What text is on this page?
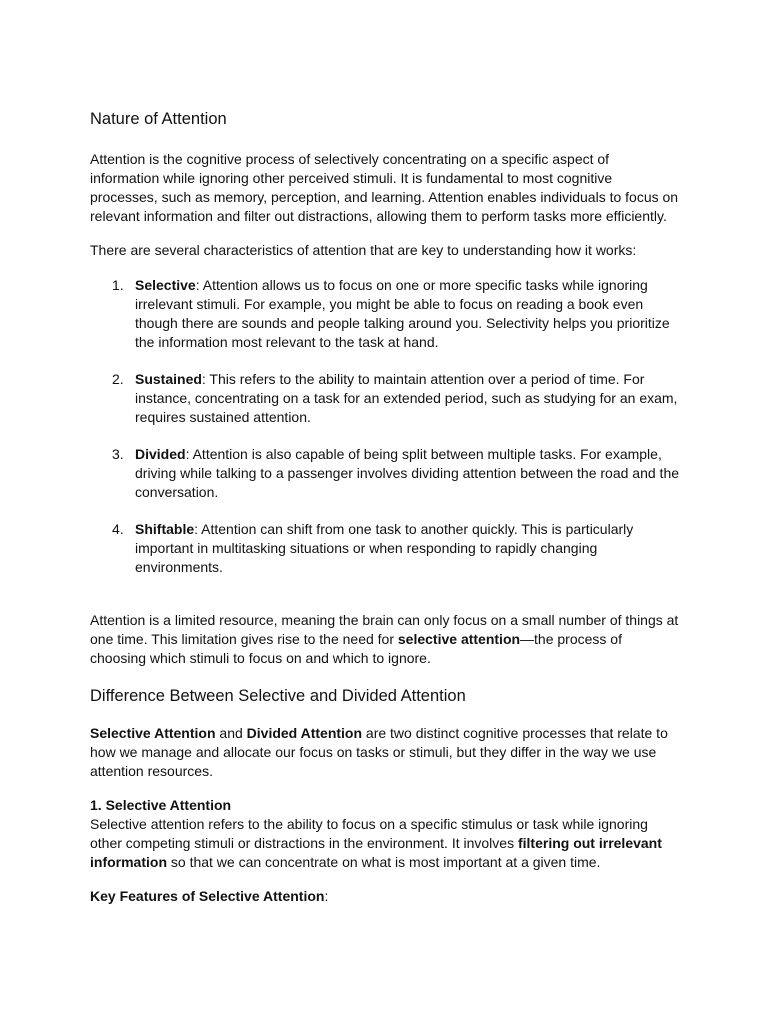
Nature of Attention

Attention is the cognitive process of selectively concentrating on a specific aspect of information while ignoring other perceived stimuli. It is fundamental to most cognitive processes, such as memory, perception, and learning. Attention enables individuals to focus on relevant information and filter out distractions, allowing them to perform tasks more efficiently.

There are several characteristics of attention that are key to understanding how it works:

1. Selective: Attention allows us to focus on one or more specific tasks while ignoring irrelevant stimuli. For example, you might be able to focus on reading a book even though there are sounds and people talking around you. Selectivity helps you prioritize the information most relevant to the task at hand.
2. Sustained: This refers to the ability to maintain attention over a period of time. For instance, concentrating on a task for an extended period, such as studying for an exam, requires sustained attention.
3. Divided: Attention is also capable of being split between multiple tasks. For example, driving while talking to a passenger involves dividing attention between the road and the conversation.
4. Shiftable: Attention can shift from one task to another quickly. This is particularly important in multitasking situations or when responding to rapidly changing environments.

Attention is a limited resource, meaning the brain can only focus on a small number of things at one time. This limitation gives rise to the need for selective attention—the process of choosing which stimuli to focus on and which to ignore.

Difference Between Selective and Divided Attention

Selective Attention and Divided Attention are two distinct cognitive processes that relate to how we manage and allocate our focus on tasks or stimuli, but they differ in the way we use attention resources.

1. Selective Attention

Selective attention refers to the ability to focus on a specific stimulus or task while ignoring other competing stimuli or distractions in the environment. It involves filtering out irrelevant information so that we can concentrate on what is most important at a given time.

Key Features of Selective Attention:
